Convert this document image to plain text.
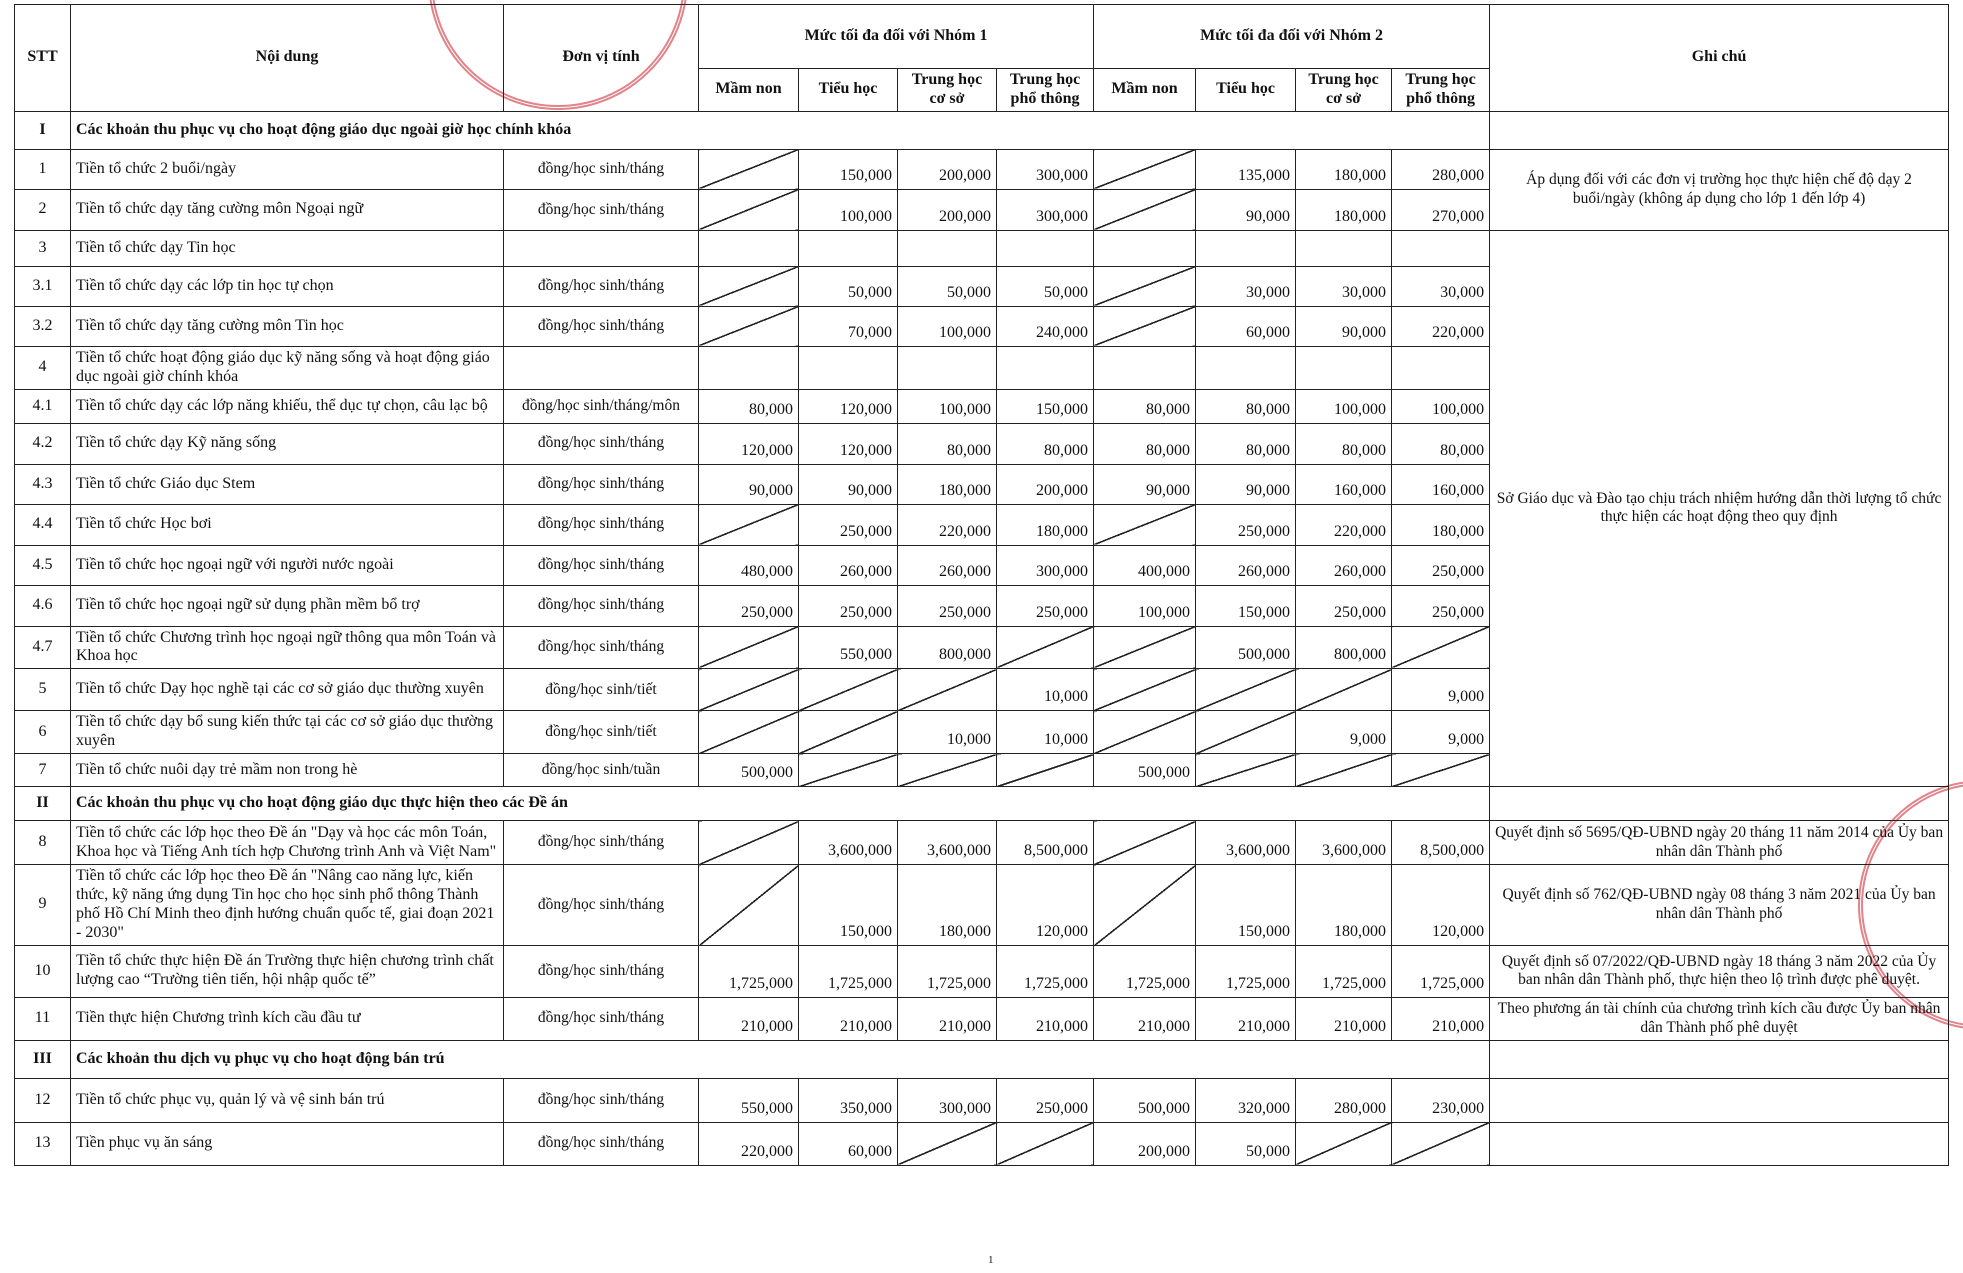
STT	Nội dung	Đơn vị tính	Mức tối đa đối với Nhóm 1				Mức tối đa đối với Nhóm 2				Ghi chú
			Mầm non	Tiểu học	Trung học cơ sở	Trung học phổ thông	Mầm non	Tiểu học	Trung học cơ sở	Trung học phổ thông	
I	Các khoản thu phục vụ cho hoạt động giáo dục ngoài giờ học chính khóa										
1	Tiền tổ chức 2 buổi/ngày	đồng/học sinh/tháng		150,000	200,000	300,000		135,000	180,000	280,000	Áp dụng đối với các đơn vị trường học thực hiện chế độ dạy 2 buổi/ngày (không áp dụng cho lớp 1 đến lớp 4)
2	Tiền tổ chức dạy tăng cường môn Ngoại ngữ	đồng/học sinh/tháng		100,000	200,000	300,000		90,000	180,000	270,000	
3	Tiền tổ chức dạy Tin học										Sở Giáo dục và Đào tạo chịu trách nhiệm hướng dẫn thời lượng tổ chức thực hiện các hoạt động theo quy định
3.1	Tiền tổ chức dạy các lớp tin học tự chọn	đồng/học sinh/tháng		50,000	50,000	50,000		30,000	30,000	30,000	
3.2	Tiền tổ chức dạy tăng cường môn Tin học	đồng/học sinh/tháng		70,000	100,000	240,000		60,000	90,000	220,000	
4	Tiền tổ chức hoạt động giáo dục kỹ năng sống và hoạt động giáo dục ngoài giờ chính khóa										
4.1	Tiền tổ chức dạy các lớp năng khiếu, thể dục tự chọn, câu lạc bộ	đồng/học sinh/tháng/môn	80,000	120,000	100,000	150,000	80,000	80,000	100,000	100,000	
4.2	Tiền tổ chức dạy Kỹ năng sống	đồng/học sinh/tháng	120,000	120,000	80,000	80,000	80,000	80,000	80,000	80,000	
4.3	Tiền tổ chức Giáo dục Stem	đồng/học sinh/tháng	90,000	90,000	180,000	200,000	90,000	90,000	160,000	160,000	
4.4	Tiền tổ chức Học bơi	đồng/học sinh/tháng		250,000	220,000	180,000		250,000	220,000	180,000	
4.5	Tiền tổ chức học ngoại ngữ với người nước ngoài	đồng/học sinh/tháng	480,000	260,000	260,000	300,000	400,000	260,000	260,000	250,000	
4.6	Tiền tổ chức học ngoại ngữ sử dụng phần mềm bổ trợ	đồng/học sinh/tháng	250,000	250,000	250,000	250,000	100,000	150,000	250,000	250,000	
4.7	Tiền tổ chức Chương trình học ngoại ngữ thông qua môn Toán và Khoa học	đồng/học sinh/tháng		550,000	800,000			500,000	800,000		
5	Tiền tổ chức Dạy học nghề tại các cơ sở giáo dục thường xuyên	đồng/học sinh/tiết				10,000				9,000	
6	Tiền tổ chức dạy bổ sung kiến thức tại các cơ sở giáo dục thường xuyên	đồng/học sinh/tiết			10,000	10,000			9,000	9,000	
7	Tiền tổ chức nuôi dạy trẻ mầm non trong hè	đồng/học sinh/tuần	500,000				500,000				
II	Các khoản thu phục vụ cho hoạt động giáo dục thực hiện theo các Đề án										
8	Tiền tổ chức các lớp học theo Đề án "Dạy và học các môn Toán, Khoa học và Tiếng Anh tích hợp Chương trình Anh và Việt Nam"	đồng/học sinh/tháng		3,600,000	3,600,000	8,500,000		3,600,000	3,600,000	8,500,000	Quyết định số 5695/QĐ-UBND ngày 20 tháng 11 năm 2014 của Ủy ban nhân dân Thành phố
9	Tiền tổ chức các lớp học theo Đề án "Nâng cao năng lực, kiến thức, kỹ năng ứng dụng Tin học cho học sinh phổ thông Thành phố Hồ Chí Minh theo định hướng chuẩn quốc tế, giai đoạn 2021 - 2030"	đồng/học sinh/tháng		150,000	180,000	120,000		150,000	180,000	120,000	Quyết định số 762/QĐ-UBND ngày 08 tháng 3 năm 2021 của Ủy ban nhân dân Thành phố
10	Tiền tổ chức thực hiện Đề án Trường thực hiện chương trình chất lượng cao “Trường tiên tiến, hội nhập quốc tế”	đồng/học sinh/tháng	1,725,000	1,725,000	1,725,000	1,725,000	1,725,000	1,725,000	1,725,000	1,725,000	Quyết định số 07/2022/QĐ-UBND ngày 18 tháng 3 năm 2022 của Ủy ban nhân dân Thành phố, thực hiện theo lộ trình được phê duyệt.
11	Tiền thực hiện Chương trình kích cầu đầu tư	đồng/học sinh/tháng	210,000	210,000	210,000	210,000	210,000	210,000	210,000	210,000	Theo phương án tài chính của chương trình kích cầu được Ủy ban nhân dân Thành phố phê duyệt
III	Các khoản thu dịch vụ phục vụ cho hoạt động bán trú										
12	Tiền tổ chức phục vụ, quản lý và vệ sinh bán trú	đồng/học sinh/tháng	550,000	350,000	300,000	250,000	500,000	320,000	280,000	230,000	
13	Tiền phục vụ ăn sáng	đồng/học sinh/tháng	220,000	60,000			200,000	50,000			
1
